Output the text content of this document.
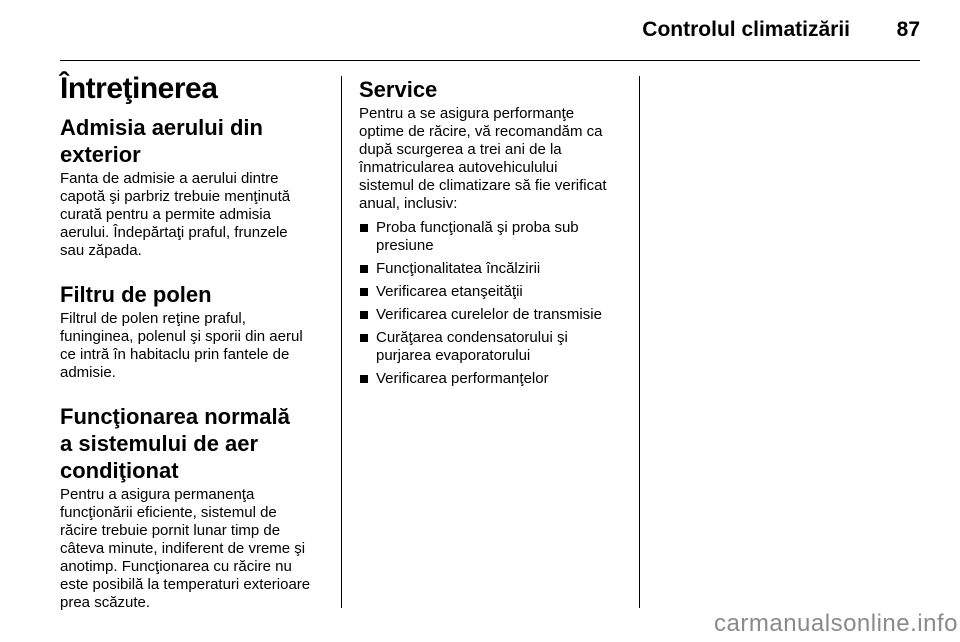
Controlul climatizării	87
Întreţinerea
Admisia aerului din
exterior

Fanta de admisie a aerului dintre
capotă şi parbriz trebuie menţinută
curată pentru a permite admisia
aerului. Îndepărtaţi praful, frunzele
sau zăpada.

Filtru de polen

Filtrul de polen reţine praful,
funinginea, polenul şi sporii din aerul
ce intră în habitaclu prin fantele de
admisie.

Funcţionarea normală
a sistemului de aer
condiţionat

Pentru a asigura permanenţa
funcţionării eficiente, sistemul de
răcire trebuie pornit lunar timp de
câteva minute, indiferent de vreme şi
anotimp. Funcţionarea cu răcire nu
este posibilă la temperaturi exterioare
prea scăzute.

Service

Pentru a se asigura performanţe
optime de răcire, vă recomandăm ca
după scurgerea a trei ani de la
înmatricularea autovehiculului
sistemul de climatizare să fie verificat
anual, inclusiv:

Proba funcţională şi proba sub
presiune
Funcţionalitatea încălzirii
Verificarea etanşeităţii
Verificarea curelelor de transmisie
Curăţarea condensatorului şi
purjarea evaporatorului
Verificarea performanţelor
carmanualsonline.info
